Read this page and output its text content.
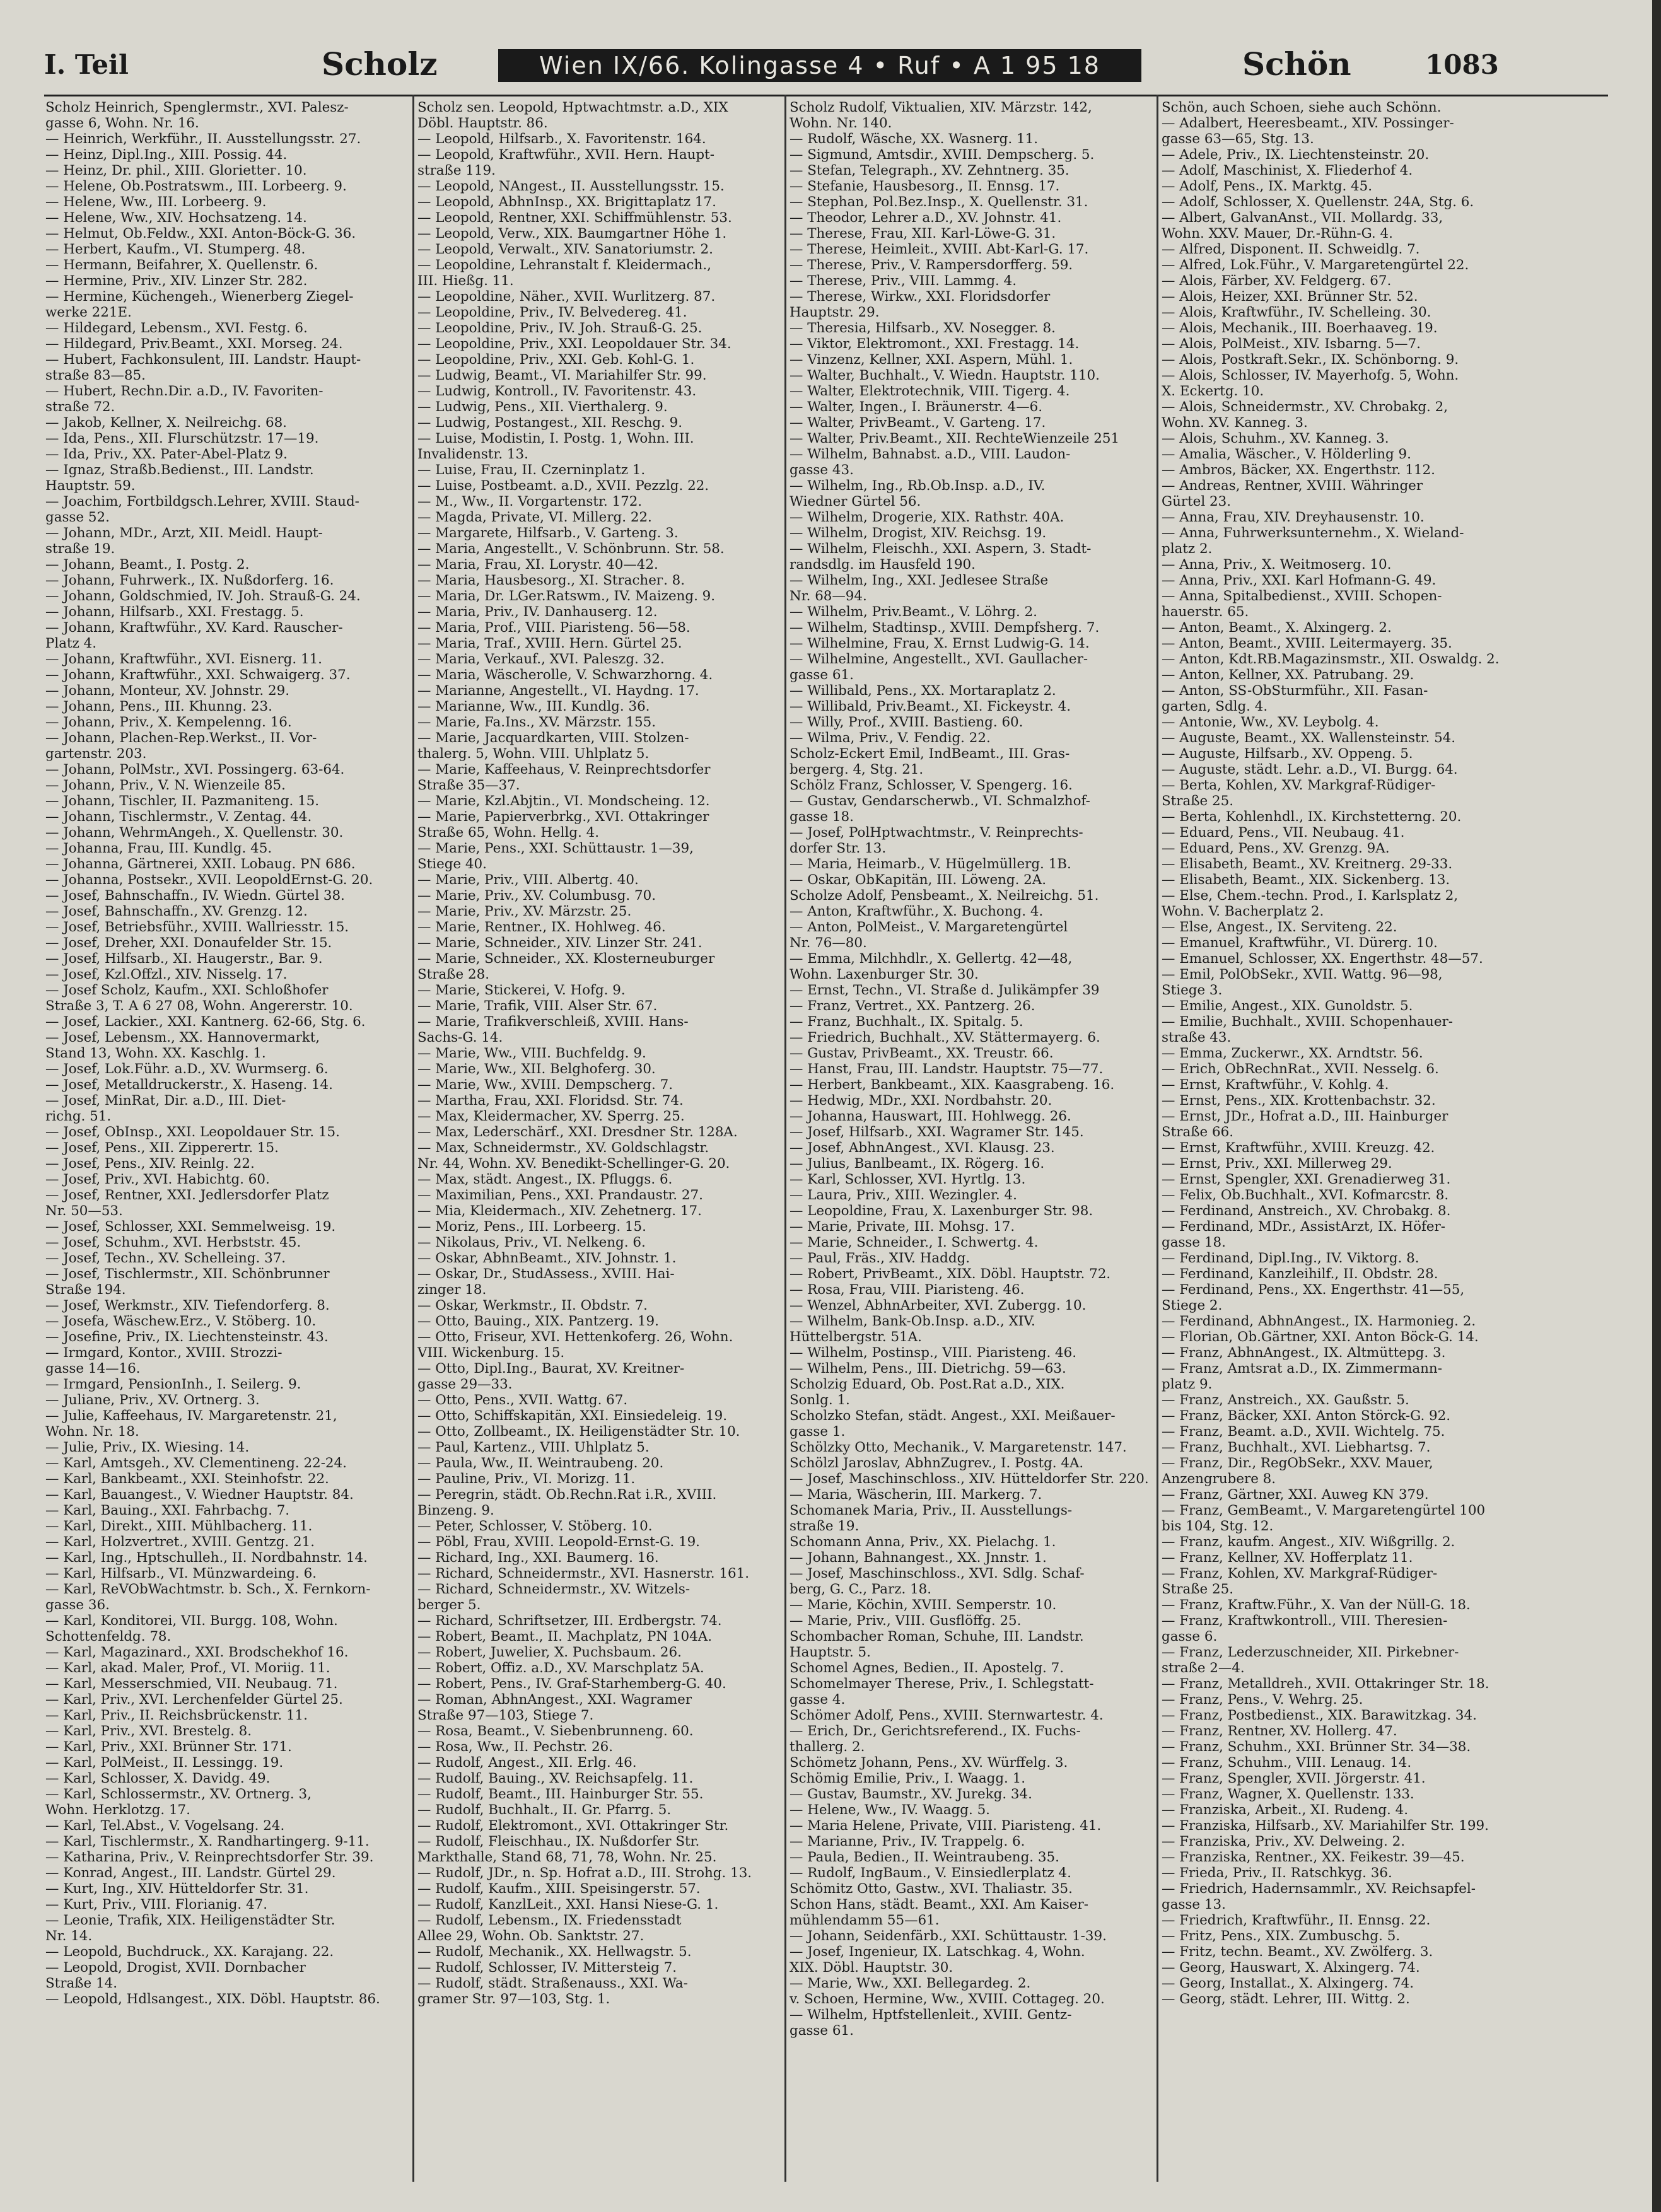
I. Teil	Scholz	Wien IX/66. Kolingasse 4 • Ruf • A 1 95 18	Schön	1083
Scholz Heinrich, Spenglermstr., XVI. Palesz-
gasse 6, Wohn. Nr. 16.
— Heinrich, Werkführ., II. Ausstellungsstr. 27.
— Heinz, Dipl.Ing., XIII. Possig. 44.
— Heinz, Dr. phil., XIII. Gloriettег. 10.
— Helene, Ob.Postratswm., III. Lorbeerg. 9.
— Helene, Ww., III. Lorbeerg. 9.
— Helene, Ww., XIV. Hochsatzeng. 14.
— Helmut, Ob.Feldw., XXI. Anton-Böck-G. 36.
— Herbert, Kaufm., VI. Stumperg. 48.
— Hermann, Beifahrer, X. Quellenstr. 6.
— Hermine, Priv., XIV. Linzer Str. 282.
— Hermine, Küchengeh., Wienerberg Ziegel-
werke 221E.
— Hildegard, Lebensm., XVI. Festg. 6.
— Hildegard, Priv.Beamt., XXI. Morseg. 24.
— Hubert, Fachkonsulent, III. Landstr. Haupt-
straße 83—85.
— Hubert, Rechn.Dir. a.D., IV. Favoriten-
straße 72.
— Jakob, Kellner, X. Neilreichg. 68.
— Ida, Pens., XII. Flurschützstr. 17—19.
— Ida, Priv., XX. Pater-Abel-Platz 9.
— Ignaz, Straßb.Bedienst., III. Landstr.
Hauptstr. 59.
— Joachim, Fortbildgsch.Lehrer, XVIII. Staud-
gasse 52.
— Johann, MDr., Arzt, XII. Meidl. Haupt-
straße 19.
— Johann, Beamt., I. Postg. 2.
— Johann, Fuhrwerk., IX. Nußdorferg. 16.
— Johann, Goldschmied, IV. Joh. Strauß-G. 24.
— Johann, Hilfsarb., XXI. Frestagg. 5.
— Johann, Kraftwführ., XV. Kard. Rauscher-
Platz 4.
— Johann, Kraftwführ., XVI. Eisnerg. 11.
— Johann, Kraftwführ., XXI. Schwaigerg. 37.
— Johann, Monteur, XV. Johnstr. 29.
— Johann, Pens., III. Khunng. 23.
— Johann, Priv., X. Kempelenng. 16.
— Johann, Plachen-Rep.Werkst., II. Vor-
gartenstr. 203.
— Johann, PolMstr., XVI. Possingerg. 63-64.
— Johann, Priv., V. N. Wienzeile 85.
— Johann, Tischler, II. Pazmaniteng. 15.
— Johann, Tischlermstr., V. Zentag. 44.
— Johann, WehrmAngeh., X. Quellenstr. 30.
— Johanna, Frau, III. Kundlg. 45.
— Johanna, Gärtnerei, XXII. Lobaug. PN 686.
— Johanna, Postsekr., XVII. LeopoldErnst-G. 20.
— Josef, Bahnschaffn., IV. Wiedn. Gürtel 38.
— Josef, Bahnschaffn., XV. Grenzg. 12.
— Josef, Betriebsführ., XVIII. Wallriesstr. 15.
— Josef, Dreher, XXI. Donaufelder Str. 15.
— Josef, Hilfsarb., XI. Haugerstr., Bar. 9.
— Josef, Kzl.Offzl., XIV. Nisselg. 17.
— Josef Scholz, Kaufm., XXI. Schloßhofer
Straße 3, T. A 6 27 08, Wohn. Angererstr. 10.
— Josef, Lackier., XXI. Kantnerg. 62-66, Stg. 6.
— Josef, Lebensm., XX. Hannovermarkt,
Stand 13, Wohn. XX. Kaschlg. 1.
— Josef, Lok.Führ. a.D., XV. Wurmserg. 6.
— Josef, Metalldruckerstr., X. Haseng. 14.
— Josef, MinRat, Dir. a.D., III. Diet-
richg. 51.
— Josef, ObInsp., XXI. Leopoldauer Str. 15.
— Josef, Pens., XII. Zipperertr. 15.
— Josef, Pens., XIV. Reinlg. 22.
— Josef, Priv., XVI. Habichtg. 60.
— Josef, Rentner, XXI. Jedlersdorfer Platz
Nr. 50—53.
— Josef, Schlosser, XXI. Semmelweisg. 19.
— Josef, Schuhm., XVI. Herbststr. 45.
— Josef, Techn., XV. Schelleing. 37.
— Josef, Tischlermstr., XII. Schönbrunner
Straße 194.
— Josef, Werkmstr., XIV. Tiefendorferg. 8.
— Josefa, Wäschew.Erz., V. Stöberg. 10.
— Josefine, Priv., IX. Liechtensteinstr. 43.
— Irmgard, Kontor., XVIII. Strozzi-
gasse 14—16.
— Irmgard, PensionInh., I. Seilerg. 9.
— Juliane, Priv., XV. Ortnerg. 3.
— Julie, Kaffeehaus, IV. Margaretenstr. 21,
Wohn. Nr. 18.
— Julie, Priv., IX. Wiesing. 14.
— Karl, Amtsgeh., XV. Clementineng. 22-24.
— Karl, Bankbeamt., XXI. Steinhofstr. 22.
— Karl, Bauangest., V. Wiedner Hauptstr. 84.
— Karl, Bauing., XXI. Fahrbachg. 7.
— Karl, Direkt., XIII. Mühlbacherg. 11.
— Karl, Holzvertret., XVIII. Gentzg. 21.
— Karl, Ing., Hptschulleh., II. Nordbahnstr. 14.
— Karl, Hilfsarb., VI. Münzwardeing. 6.
— Karl, ReVObWachtmstr. b. Sch., X. Fernkorn-
gasse 36.
— Karl, Konditorei, VII. Burgg. 108, Wohn.
Schottenfeldg. 78.
— Karl, Magazinard., XXI. Brodschekhof 16.
— Karl, akad. Maler, Prof., VI. Moriig. 11.
— Karl, Messerschmied, VII. Neubaug. 71.
— Karl, Priv., XVI. Lerchenfelder Gürtel 25.
— Karl, Priv., II. Reichsbrückenstr. 11.
— Karl, Priv., XVI. Brestelg. 8.
— Karl, Priv., XXI. Brünner Str. 171.
— Karl, PolMeist., II. Lessingg. 19.
— Karl, Schlosser, X. Davidg. 49.
— Karl, Schlossermstr., XV. Ortnerg. 3,
Wohn. Herklotzg. 17.
— Karl, Tel.Abst., V. Vogelsang. 24.
— Karl, Tischlermstr., X. Randhartingerg. 9-11.
— Katharina, Priv., V. Reinprechtsdorfer Str. 39.
— Konrad, Angest., III. Landstr. Gürtel 29.
— Kurt, Ing., XIV. Hütteldorfer Str. 31.
— Kurt, Priv., VIII. Florianig. 47.
— Leonie, Trafik, XIX. Heiligenstädter Str.
Nr. 14.
— Leopold, Buchdruck., XX. Karajang. 22.
— Leopold, Drogist, XVII. Dornbacher
Straße 14.
— Leopold, Hdlsangest., XIX. Döbl. Hauptstr. 86.
Scholz sen. Leopold, Hptwachtmstr. a.D., XIX
Döbl. Hauptstr. 86.
— Leopold, Hilfsarb., X. Favoritenstr. 164.
— Leopold, Kraftwführ., XVII. Hern. Haupt-
straße 119.
— Leopold, NAngest., II. Ausstellungsstr. 15.
— Leopold, AbhnInsp., XX. Brigittaplatz 17.
— Leopold, Rentner, XXI. Schiffmühlenstr. 53.
— Leopold, Verw., XIX. Baumgartner Höhe 1.
— Leopold, Verwalt., XIV. Sanatoriumstr. 2.
— Leopoldine, Lehranstalt f. Kleidermach.,
III. Hießg. 11.
— Leopoldine, Näher., XVII. Wurlitzerg. 87.
— Leopoldine, Priv., IV. Belvedereg. 41.
— Leopoldine, Priv., IV. Joh. Strauß-G. 25.
— Leopoldine, Priv., XXI. Leopoldauer Str. 34.
— Leopoldine, Priv., XXI. Geb. Kohl-G. 1.
— Ludwig, Beamt., VI. Mariahilfer Str. 99.
— Ludwig, Kontroll., IV. Favoritenstr. 43.
— Ludwig, Pens., XII. Vierthalerg. 9.
— Ludwig, Postangest., XII. Reschg. 9.
— Luise, Modistin, I. Postg. 1, Wohn. III.
Invalidenstr. 13.
— Luise, Frau, II. Czerninplatz 1.
— Luise, Postbeamt. a.D., XVII. Pezzlg. 22.
— M., Ww., II. Vorgartenstr. 172.
— Magda, Private, VI. Millerg. 22.
— Margarete, Hilfsarb., V. Garteng. 3.
— Maria, Angestellt., V. Schönbrunn. Str. 58.
— Maria, Frau, XI. Lorystr. 40—42.
— Maria, Hausbesorg., XI. Strachег. 8.
— Maria, Dr. LGer.Ratswm., IV. Maizeng. 9.
— Maria, Priv., IV. Danhauserg. 12.
— Maria, Prof., VIII. Piaristeng. 56—58.
— Maria, Traf., XVIII. Hern. Gürtel 25.
— Maria, Verkauf., XVI. Paleszg. 32.
— Maria, Wäscherolle, V. Schwarzhorng. 4.
— Marianne, Angestellt., VI. Haydng. 17.
— Marianne, Ww., III. Kundlg. 36.
— Marie, Fa.Ins., XV. Märzstr. 155.
— Marie, Jacquardkarten, VIII. Stolzen-
thalerg. 5, Wohn. VIII. Uhlplatz 5.
— Marie, Kaffeehaus, V. Reinprechtsdorfer
Straße 35—37.
— Marie, Kzl.Abjtin., VI. Mondscheing. 12.
— Marie, Papierverbrkg., XVI. Ottakringer
Straße 65, Wohn. Hellg. 4.
— Marie, Pens., XXI. Schüttaustr. 1—39,
Stiege 40.
— Marie, Priv., VIII. Albertg. 40.
— Marie, Priv., XV. Columbusg. 70.
— Marie, Priv., XV. Märzstr. 25.
— Marie, Rentner., IX. Hohlweg. 46.
— Marie, Schneider., XIV. Linzer Str. 241.
— Marie, Schneider., XX. Klosterneuburger
Straße 28.
— Marie, Stickerei, V. Hofg. 9.
— Marie, Trafik, VIII. Alser Str. 67.
— Marie, Trafikverschleiß, XVIII. Hans-
Sachs-G. 14.
— Marie, Ww., VIII. Buchfeldg. 9.
— Marie, Ww., XII. Belghoferg. 30.
— Marie, Ww., XVIII. Dempscherg. 7.
— Martha, Frau, XXI. Floridsd. Str. 74.
— Max, Kleidermacher, XV. Sperrg. 25.
— Max, Lederschärf., XXI. Dresdner Str. 128A.
— Max, Schneidermstr., XV. Goldschlagstr.
Nr. 44, Wohn. XV. Benedikt-Schellinger-G. 20.
— Max, städt. Angest., IX. Pfluggs. 6.
— Maximilian, Pens., XXI. Prandaustr. 27.
— Mia, Kleidermach., XIV. Zehetnerg. 17.
— Moriz, Pens., III. Lorbeerg. 15.
— Nikolaus, Priv., VI. Nelkeng. 6.
— Oskar, AbhnBeamt., XIV. Johnstr. 1.
— Oskar, Dr., StudAssess., XVIII. Hai-
zinger 18.
— Oskar, Werkmstr., II. Obdstr. 7.
— Otto, Bauing., XIX. Pantzerg. 19.
— Otto, Friseur, XVI. Hettenkoferg. 26, Wohn.
VIII. Wickenburg. 15.
— Otto, Dipl.Ing., Baurat, XV. Kreitner-
gasse 29—33.
— Otto, Pens., XVII. Wattg. 67.
— Otto, Schiffskapitän, XXI. Einsiedeleig. 19.
— Otto, Zollbeamt., IX. Heiligenstädter Str. 10.
— Paul, Kartenz., VIII. Uhlplatz 5.
— Paula, Ww., II. Weintraubeng. 20.
— Pauline, Priv., VI. Morizg. 11.
— Peregrin, städt. Ob.Rechn.Rat i.R., XVIII.
Binzeng. 9.
— Peter, Schlosser, V. Stöberg. 10.
— Pöbl, Frau, XVIII. Leopold-Ernst-G. 19.
— Richard, Ing., XXI. Baumerg. 16.
— Richard, Schneidermstr., XVI. Hasnerstr. 161.
— Richard, Schneidermstr., XV. Witzels-
berger 5.
— Richard, Schriftsetzer, III. Erdbergstr. 74.
— Robert, Beamt., II. Machplatz, PN 104A.
— Robert, Juwelier, X. Puchsbaum. 26.
— Robert, Offiz. a.D., XV. Marschplatz 5A.
— Robert, Pens., IV. Graf-Starhemberg-G. 40.
— Roman, AbhnAngest., XXI. Wagramer
Straße 97—103, Stiege 7.
— Rosa, Beamt., V. Siebenbrunneng. 60.
— Rosa, Ww., II. Pechstr. 26.
— Rudolf, Angest., XII. Erlg. 46.
— Rudolf, Bauing., XV. Reichsapfelg. 11.
— Rudolf, Beamt., III. Hainburger Str. 55.
— Rudolf, Buchhalt., II. Gr. Pfarrg. 5.
— Rudolf, Elektromont., XVI. Ottakringer Str.
— Rudolf, Fleischhau., IX. Nußdorfer Str.
Markthalle, Stand 68, 71, 78, Wohn. Nr. 25.
— Rudolf, JDr., n. Sp. Hofrat a.D., III. Strohg. 13.
— Rudolf, Kaufm., XIII. Speisingerstr. 57.
— Rudolf, KanzlLeit., XXI. Hansi Niese-G. 1.
— Rudolf, Lebensm., IX. Friedensstadt
Allee 29, Wohn. Ob. Sanktstr. 27.
— Rudolf, Mechanik., XX. Hellwagstr. 5.
— Rudolf, Schlosser, IV. Mittersteig 7.
— Rudolf, städt. Straßenauss., XXI. Wa-
gramer Str. 97—103, Stg. 1.
Scholz Rudolf, Viktualien, XIV. Märzstr. 142,
Wohn. Nr. 140.
— Rudolf, Wäsche, XX. Wasnerg. 11.
— Sigmund, Amtsdir., XVIII. Dempscherg. 5.
— Stefan, Telegraph., XV. Zehntnerg. 35.
— Stefanie, Hausbesorg., II. Ennsg. 17.
— Stephan, Pol.Bez.Insp., X. Quellenstr. 31.
— Theodor, Lehrer a.D., XV. Johnstr. 41.
— Therese, Frau, XII. Karl-Löwe-G. 31.
— Therese, Heimleit., XVIII. Abt-Karl-G. 17.
— Therese, Priv., V. Rampersdorfferg. 59.
— Therese, Priv., VIII. Lammg. 4.
— Therese, Wirkw., XXI. Floridsdorfer
Hauptstr. 29.
— Theresia, Hilfsarb., XV. Nosegger. 8.
— Viktor, Elektromont., XXI. Frestagg. 14.
— Vinzenz, Kellner, XXI. Aspern, Mühl. 1.
— Walter, Buchhalt., V. Wiedn. Hauptstr. 110.
— Walter, Elektrotechnik, VIII. Tigerg. 4.
— Walter, Ingen., I. Bräunerstr. 4—6.
— Walter, PrivBeamt., V. Garteng. 17.
— Walter, Priv.Beamt., XII. RechteWienzeile 251
— Wilhelm, Bahnabst. a.D., VIII. Laudon-
gasse 43.
— Wilhelm, Ing., Rb.Ob.Insp. a.D., IV.
Wiedner Gürtel 56.
— Wilhelm, Drogerie, XIX. Rathstr. 40A.
— Wilhelm, Drogist, XIV. Reichsg. 19.
— Wilhelm, Fleischh., XXI. Aspern, 3. Stadt-
randsdlg. im Hausfeld 190.
— Wilhelm, Ing., XXI. Jedlesee Straße
Nr. 68—94.
— Wilhelm, Priv.Beamt., V. Löhrg. 2.
— Wilhelm, Stadtinsp., XVIII. Dempfsherg. 7.
— Wilhelmine, Frau, X. Ernst Ludwig-G. 14.
— Wilhelmine, Angestellt., XVI. Gaullacher-
gasse 61.
— Willibald, Pens., XX. Mortaraplatz 2.
— Willibald, Priv.Beamt., XI. Fickeystr. 4.
— Willy, Prof., XVIII. Bastieng. 60.
— Wilma, Priv., V. Fendig. 22.
Scholz-Eckert Emil, IndBeamt., III. Gras-
bergerg. 4, Stg. 21.
Schölz Franz, Schlosser, V. Spengerg. 16.
— Gustav, Gendarscherwb., VI. Schmalzhof-
gasse 18.
— Josef, PolHptwachtmstr., V. Reinprechts-
dorfer Str. 13.
— Maria, Heimarb., V. Hügelmüllerg. 1B.
— Oskar, ObKapitän, III. Löweng. 2A.
Scholze Adolf, Pensbeamt., X. Neilreichg. 51.
— Anton, Kraftwführ., X. Buchong. 4.
— Anton, PolMeist., V. Margaretengürtel
Nr. 76—80.
— Emma, Milchhdlr., X. Gellertg. 42—48,
Wohn. Laxenburger Str. 30.
— Ernst, Techn., VI. Straße d. Julikämpfer 39
— Franz, Vertret., XX. Pantzerg. 26.
— Franz, Buchhalt., IX. Spitalg. 5.
— Friedrich, Buchhalt., XV. Stättermayerg. 6.
— Gustav, PrivBeamt., XX. Treustr. 66.
— Hanst, Frau, III. Landstr. Hauptstr. 75—77.
— Herbert, Bankbeamt., XIX. Kaasgrabeng. 16.
— Hedwig, MDr., XXI. Nordbahstr. 20.
— Johanna, Hauswart, III. Hohlwegg. 26.
— Josef, Hilfsarb., XXI. Wagramer Str. 145.
— Josef, AbhnAngest., XVI. Klausg. 23.
— Julius, Banlbeamt., IX. Rögerg. 16.
— Karl, Schlosser, XVI. Hyrtlg. 13.
— Laura, Priv., XIII. Wezingler. 4.
— Leopoldine, Frau, X. Laxenburger Str. 98.
— Marie, Private, III. Mohsg. 17.
— Marie, Schneider., I. Schwertg. 4.
— Paul, Fräs., XIV. Haddg.
— Robert, PrivBeamt., XIX. Döbl. Hauptstr. 72.
— Rosa, Frau, VIII. Piaristeng. 46.
— Wenzel, AbhnArbeiter, XVI. Zubergg. 10.
— Wilhelm, Bank-Ob.Insp. a.D., XIV.
Hüttelbergstr. 51A.
— Wilhelm, Postinsp., VIII. Piaristeng. 46.
— Wilhelm, Pens., III. Dietrichg. 59—63.
Scholzig Eduard, Ob. Post.Rat a.D., XIX.
Sonlg. 1.
Scholzko Stefan, städt. Angest., XXI. Meißauer-
gasse 1.
Schölzky Otto, Mechanik., V. Margaretenstr. 147.
Schölzl Jaroslav, AbhnZugrev., I. Postg. 4A.
— Josef, Maschinschloss., XIV. Hütteldorfer Str. 220.
— Maria, Wäscherin, III. Markerg. 7.
Schomanek Maria, Priv., II. Ausstellungs-
straße 19.
Schomann Anna, Priv., XX. Pielachg. 1.
— Johann, Bahnangest., XX. Jnnstr. 1.
— Josef, Maschinschloss., XVI. Sdlg. Schaf-
berg, G. C., Parz. 18.
— Marie, Köchin, XVIII. Semperstr. 10.
— Marie, Priv., VIII. Gusflöffg. 25.
Schombacher Roman, Schuhe, III. Landstr.
Hauptstr. 5.
Schomel Agnes, Bedien., II. Apostelg. 7.
Schomelmayer Therese, Priv., I. Schlegstatt-
gasse 4.
Schömer Adolf, Pens., XVIII. Sternwartestr. 4.
— Erich, Dr., Gerichtsreferend., IX. Fuchs-
thallerg. 2.
Schömetz Johann, Pens., XV. Würffelg. 3.
Schömig Emilie, Priv., I. Waagg. 1.
— Gustav, Baumstr., XV. Jurekg. 34.
— Helene, Ww., IV. Waagg. 5.
— Maria Helene, Private, VIII. Piaristeng. 41.
— Marianne, Priv., IV. Trappelg. 6.
— Paula, Bedien., II. Weintraubeng. 35.
— Rudolf, IngBaum., V. Einsiedlerplatz 4.
Schömitz Otto, Gastw., XVI. Thaliastr. 35.
Schon Hans, städt. Beamt., XXI. Am Kaiser-
mühlendamm 55—61.
— Johann, Seidenfärb., XXI. Schüttaustr. 1-39.
— Josef, Ingenieur, IX. Latschkag. 4, Wohn.
XIX. Döbl. Hauptstr. 30.
— Marie, Ww., XXI. Bellegardeg. 2.
v. Schoen, Hermine, Ww., XVIII. Cottageg. 20.
— Wilhelm, Hptfstellenleit., XVIII. Gentz-
gasse 61.
Schön, auch Schoen, siehe auch Schönn.
— Adalbert, Heeresbeamt., XIV. Possinger-
gasse 63—65, Stg. 13.
— Adele, Priv., IX. Liechtensteinstr. 20.
— Adolf, Maschinist, X. Fliederhof 4.
— Adolf, Pens., IX. Marktg. 45.
— Adolf, Schlosser, X. Quellenstr. 24A, Stg. 6.
— Albert, GalvanAnst., VII. Mollardg. 33,
Wohn. XXV. Mauer, Dr.-Rühn-G. 4.
— Alfred, Disponent. II. Schweidlg. 7.
— Alfred, Lok.Führ., V. Margaretengürtel 22.
— Alois, Färber, XV. Feldgerg. 67.
— Alois, Heizer, XXI. Brünner Str. 52.
— Alois, Kraftwführ., IV. Schelleing. 30.
— Alois, Mechanik., III. Boerhaaveg. 19.
— Alois, PolMeist., XIV. Isbarng. 5—7.
— Alois, Postkraft.Sekr., IX. Schönborng. 9.
— Alois, Schlosser, IV. Mayerhofg. 5, Wohn.
X. Eckertg. 10.
— Alois, Schneidermstr., XV. Chrobakg. 2,
Wohn. XV. Kanneg. 3.
— Alois, Schuhm., XV. Kanneg. 3.
— Amalia, Wäscher., V. Hölderling 9.
— Ambros, Bäcker, XX. Engerthstr. 112.
— Andreas, Rentner, XVIII. Währinger
Gürtel 23.
— Anna, Frau, XIV. Dreyhausenstr. 10.
— Anna, Fuhrwerksunternehm., X. Wieland-
platz 2.
— Anna, Priv., X. Weitmoserg. 10.
— Anna, Priv., XXI. Karl Hofmann-G. 49.
— Anna, Spitalbedienst., XVIII. Schopen-
hauerstr. 65.
— Anton, Beamt., X. Alxingerg. 2.
— Anton, Beamt., XVIII. Leitermayerg. 35.
— Anton, Kdt.RB.Magazinsmstr., XII. Oswaldg. 2.
— Anton, Kellner, XX. Patrubang. 29.
— Anton, SS-ObSturmführ., XII. Fasan-
garten, Sdlg. 4.
— Antonie, Ww., XV. Leybolg. 4.
— Auguste, Beamt., XX. Wallensteinstr. 54.
— Auguste, Hilfsarb., XV. Oppeng. 5.
— Auguste, städt. Lehr. a.D., VI. Burgg. 64.
— Berta, Kohlen, XV. Markgraf-Rüdiger-
Straße 25.
— Berta, Kohlenhdl., IX. Kirchstetterng. 20.
— Eduard, Pens., VII. Neubaug. 41.
— Eduard, Pens., XV. Grenzg. 9A.
— Elisabeth, Beamt., XV. Kreitnerg. 29-33.
— Elisabeth, Beamt., XIX. Sickenberg. 13.
— Else, Chem.-techn. Prod., I. Karlsplatz 2,
Wohn. V. Bacherplatz 2.
— Else, Angest., IX. Serviteng. 22.
— Emanuel, Kraftwführ., VI. Dürerg. 10.
— Emanuel, Schlosser, XX. Engerthstr. 48—57.
— Emil, PolObSekr., XVII. Wattg. 96—98,
Stiege 3.
— Emilie, Angest., XIX. Gunoldstr. 5.
— Emilie, Buchhalt., XVIII. Schopenhauer-
straße 43.
— Emma, Zuckerwr., XX. Arndtstr. 56.
— Erich, ObRechnRat., XVII. Nesselg. 6.
— Ernst, Kraftwführ., V. Kohlg. 4.
— Ernst, Pens., XIX. Krottenbachstr. 32.
— Ernst, JDr., Hofrat a.D., III. Hainburger
Straße 66.
— Ernst, Kraftwführ., XVIII. Kreuzg. 42.
— Ernst, Priv., XXI. Millerweg 29.
— Ernst, Spengler, XXI. Grenadierweg 31.
— Felix, Ob.Buchhalt., XVI. Kofmarcstr. 8.
— Ferdinand, Anstreich., XV. Chrobakg. 8.
— Ferdinand, MDr., AssistArzt, IX. Höfer-
gasse 18.
— Ferdinand, Dipl.Ing., IV. Viktorg. 8.
— Ferdinand, Kanzleihilf., II. Obdstr. 28.
— Ferdinand, Pens., XX. Engerthstr. 41—55,
Stiege 2.
— Ferdinand, AbhnAngest., IX. Harmonieg. 2.
— Florian, Ob.Gärtner, XXI. Anton Böck-G. 14.
— Franz, AbhnAngest., IX. Altmüttерg. 3.
— Franz, Amtsrat a.D., IX. Zimmermann-
platz 9.
— Franz, Anstreich., XX. Gaußstr. 5.
— Franz, Bäcker, XXI. Anton Störck-G. 92.
— Franz, Beamt. a.D., XVII. Wichtelg. 75.
— Franz, Buchhalt., XVI. Liebhartsg. 7.
— Franz, Dir., RegObSekr., XXV. Mauer,
Anzengrubere 8.
— Franz, Gärtner, XXI. Auweg KN 379.
— Franz, GemBeamt., V. Margaretengürtel 100
bis 104, Stg. 12.
— Franz, kaufm. Angest., XIV. Wißgrillg. 2.
— Franz, Kellner, XV. Hofferplatz 11.
— Franz, Kohlen, XV. Markgraf-Rüdiger-
Straße 25.
— Franz, Kraftw.Führ., X. Van der Nüll-G. 18.
— Franz, Kraftwkontroll., VIII. Theresien-
gasse 6.
— Franz, Lederzuschneider, XII. Pirkebner-
straße 2—4.
— Franz, Metalldreh., XVII. Ottakringer Str. 18.
— Franz, Pens., V. Wehrg. 25.
— Franz, Postbedienst., XIX. Barawitzkag. 34.
— Franz, Rentner, XV. Hollerg. 47.
— Franz, Schuhm., XXI. Brünner Str. 34—38.
— Franz, Schuhm., VIII. Lenaug. 14.
— Franz, Spengler, XVII. Jörgerstr. 41.
— Franz, Wagner, X. Quellenstr. 133.
— Franziska, Arbeit., XI. Rudeng. 4.
— Franziska, Hilfsarb., XV. Mariahilfer Str. 199.
— Franziska, Priv., XV. Delweing. 2.
— Franziska, Rentner., XX. Feikestr. 39—45.
— Frieda, Priv., II. Ratschkyg. 36.
— Friedrich, Hadernsammlr., XV. Reichsapfel-
gasse 13.
— Friedrich, Kraftwführ., II. Ennsg. 22.
— Fritz, Pens., XIX. Zumbuschg. 5.
— Fritz, techn. Beamt., XV. Zwölferg. 3.
— Georg, Hauswart, X. Alxingerg. 74.
— Georg, Installat., X. Alxingerg. 74.
— Georg, städt. Lehrer, III. Wittg. 2.
